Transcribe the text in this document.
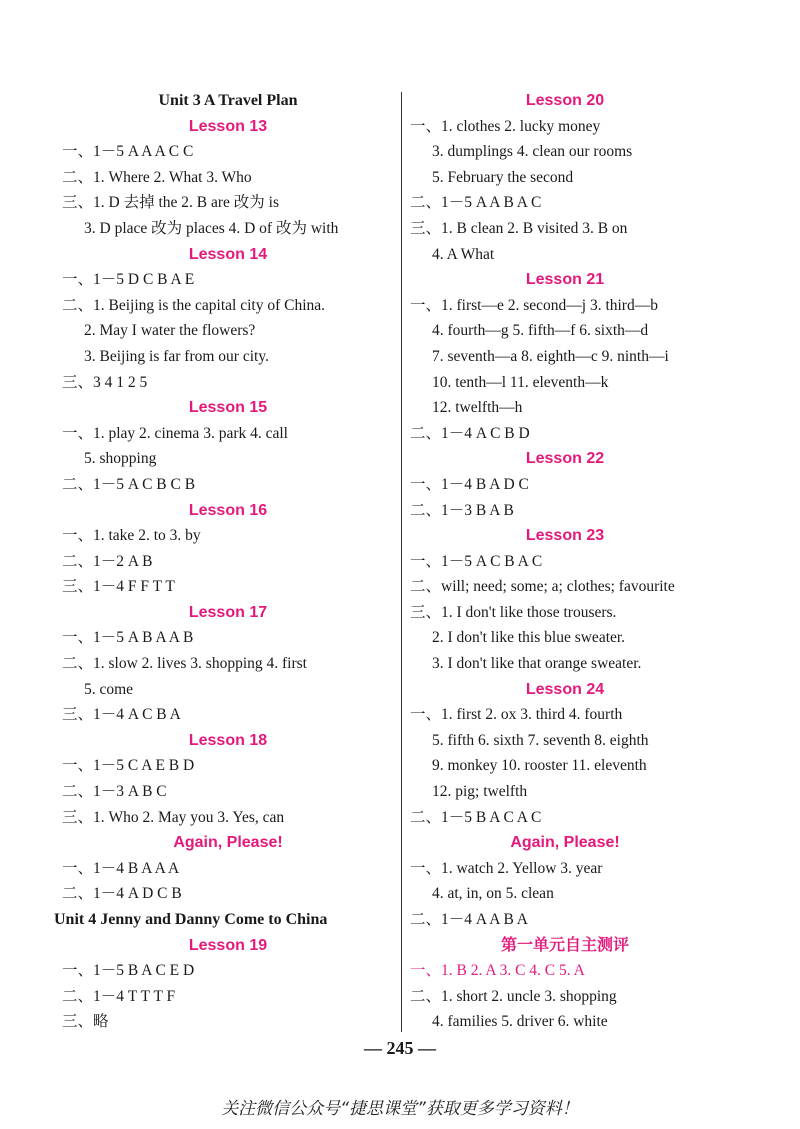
Unit 3 A Travel Plan
Lesson 13
一、1－5 A A A C C
二、1. Where 2. What 3. Who
三、1. D 去掉 the 2. B are 改为 is
3. D place 改为 places 4. D of 改为 with
Lesson 14
一、1－5 D C B A E
二、1. Beijing is the capital city of China.
2. May I water the flowers?
3. Beijing is far from our city.
三、3 4 1 2 5
Lesson 15
一、1. play 2. cinema 3. park 4. call
5. shopping
二、1－5 A C B C B
Lesson 16
一、1. take 2. to 3. by
二、1－2 A B
三、1－4 F F T T
Lesson 17
一、1－5 A B A A B
二、1. slow 2. lives 3. shopping 4. first
5. come
三、1－4 A C B A
Lesson 18
一、1－5 C A E B D
二、1－3 A B C
三、1. Who 2. May you 3. Yes, can
Again, Please!
一、1－4 B A A A
二、1－4 A D C B
Unit 4 Jenny and Danny Come to China
Lesson 19
一、1－5 B A C E D
二、1－4 T T T F
三、略
Lesson 20
一、1. clothes 2. lucky money
3. dumplings 4. clean our rooms
5. February the second
二、1－5 A A B A C
三、1. B clean 2. B visited 3. B on
4. A What
Lesson 21
一、1. first—e 2. second—j 3. third—b
4. fourth—g 5. fifth—f 6. sixth—d
7. seventh—a 8. eighth—c 9. ninth—i
10. tenth—l 11. eleventh—k
12. twelfth—h
二、1－4 A C B D
Lesson 22
一、1－4 B A D C
二、1－3 B A B
Lesson 23
一、1－5 A C B A C
二、will; need; some; a; clothes; favourite
三、1. I don't like those trousers.
2. I don't like this blue sweater.
3. I don't like that orange sweater.
Lesson 24
一、1. first 2. ox 3. third 4. fourth
5. fifth 6. sixth 7. seventh 8. eighth
9. monkey 10. rooster 11. eleventh
12. pig; twelfth
二、1－5 B A C A C
Again, Please!
一、1. watch 2. Yellow 3. year
4. at, in, on 5. clean
二、1－4 A A B A
第一单元自主测评
一、1. B 2. A 3. C 4. C 5. A
二、1. short 2. uncle 3. shopping
4. families 5. driver 6. white
— 245 —
关注微信公众号“捷思课堂”获取更多学习资料！
